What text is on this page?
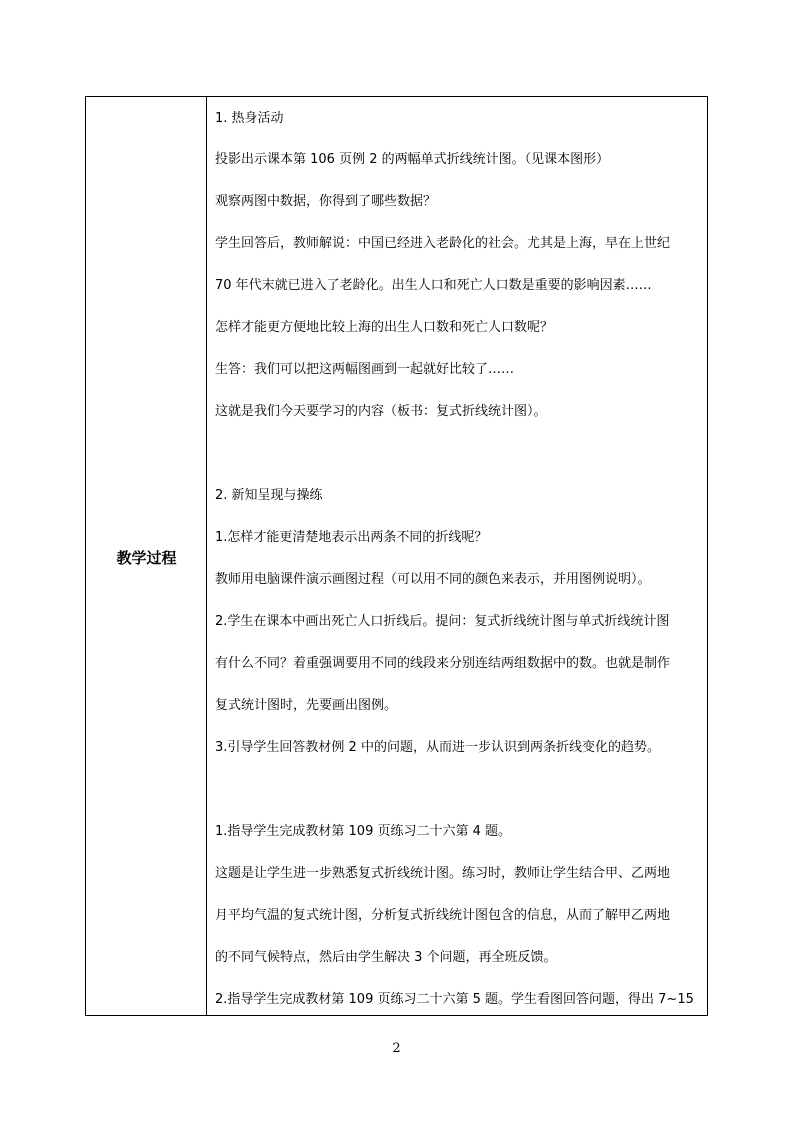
教学过程
1. 热身活动
投影出示课本第 106 页例 2 的两幅单式折线统计图。（见课本图形）
观察两图中数据，你得到了哪些数据？
学生回答后，教师解说：中国已经进入老龄化的社会。尤其是上海，早在上世纪
70 年代末就已进入了老龄化。出生人口和死亡人口数是重要的影响因素……
怎样才能更方便地比较上海的出生人口数和死亡人口数呢？
生答：我们可以把这两幅图画到一起就好比较了……
这就是我们今天要学习的内容（板书：复式折线统计图）。
2. 新知呈现与操练
1.怎样才能更清楚地表示出两条不同的折线呢？
教师用电脑课件演示画图过程（可以用不同的颜色来表示，并用图例说明）。
2.学生在课本中画出死亡人口折线后。提问：复式折线统计图与单式折线统计图
有什么不同？着重强调要用不同的线段来分别连结两组数据中的数。也就是制作
复式统计图时，先要画出图例。
3.引导学生回答教材例 2 中的问题，从而进一步认识到两条折线变化的趋势。
1.指导学生完成教材第 109 页练习二十六第 4 题。
这题是让学生进一步熟悉复式折线统计图。练习时，教师让学生结合甲、乙两地
月平均气温的复式统计图，分析复式折线统计图包含的信息，从而了解甲乙两地
的不同气候特点，然后由学生解决 3 个问题，再全班反馈。
2.指导学生完成教材第 109 页练习二十六第 5 题。学生看图回答问题，得出 7~15
2
